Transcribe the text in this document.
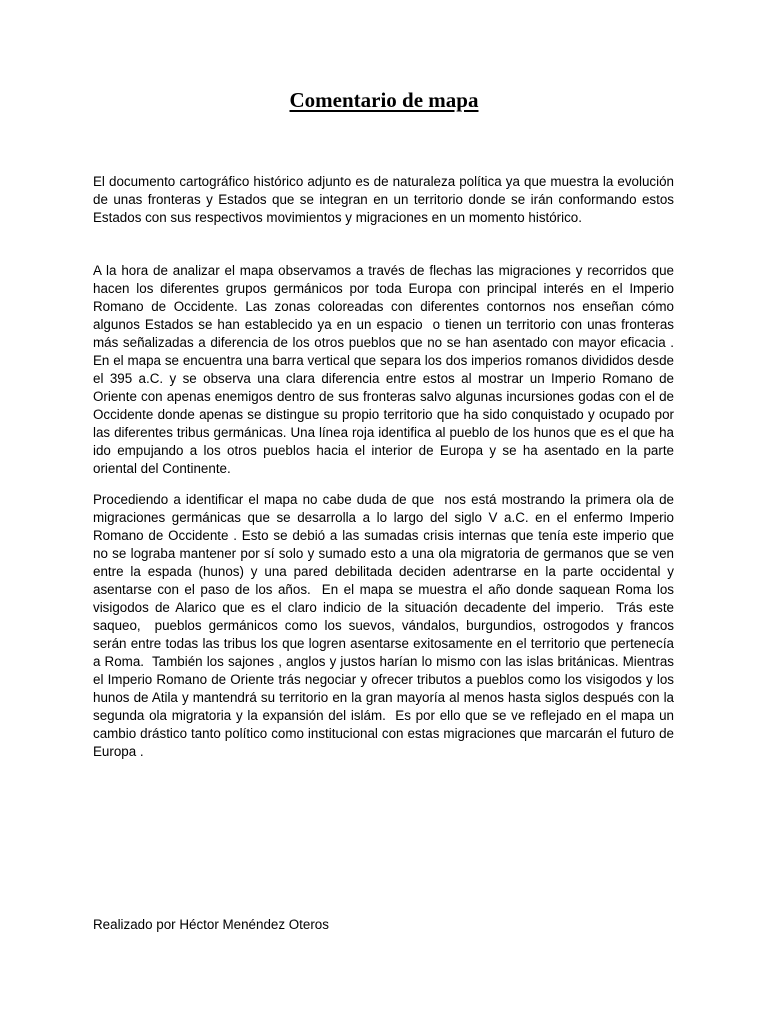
Comentario de mapa

El documento cartográfico histórico adjunto es de naturaleza política ya que muestra la evolución de unas fronteras y Estados que se integran en un territorio donde se irán conformando estos Estados con sus respectivos movimientos y migraciones en un momento histórico.

A la hora de analizar el mapa observamos a través de flechas las migraciones y recorridos que hacen los diferentes grupos germánicos por toda Europa con principal interés en el Imperio Romano de Occidente. Las zonas coloreadas con diferentes contornos nos enseñan cómo algunos Estados se han establecido ya en un espacio  o tienen un territorio con unas fronteras más señalizadas a diferencia de los otros pueblos que no se han asentado con mayor eficacia . En el mapa se encuentra una barra vertical que separa los dos imperios romanos divididos desde el 395 a.C. y se observa una clara diferencia entre estos al mostrar un Imperio Romano de Oriente con apenas enemigos dentro de sus fronteras salvo algunas incursiones godas con el de Occidente donde apenas se distingue su propio territorio que ha sido conquistado y ocupado por las diferentes tribus germánicas. Una línea roja identifica al pueblo de los hunos que es el que ha ido empujando a los otros pueblos hacia el interior de Europa y se ha asentado en la parte oriental del Continente.

Procediendo a identificar el mapa no cabe duda de que  nos está mostrando la primera ola de migraciones germánicas que se desarrolla a lo largo del siglo V a.C. en el enfermo Imperio Romano de Occidente . Esto se debió a las sumadas crisis internas que tenía este imperio que no se lograba mantener por sí solo y sumado esto a una ola migratoria de germanos que se ven entre la espada (hunos) y una pared debilitada deciden adentrarse en la parte occidental y asentarse con el paso de los años.  En el mapa se muestra el año donde saquean Roma los visigodos de Alarico que es el claro indicio de la situación decadente del imperio.  Trás este saqueo,  pueblos germánicos como los suevos, vándalos, burgundios, ostrogodos y francos serán entre todas las tribus los que logren asentarse exitosamente en el territorio que pertenecía a Roma.  También los sajones , anglos y justos harían lo mismo con las islas británicas. Mientras el Imperio Romano de Oriente trás negociar y ofrecer tributos a pueblos como los visigodos y los hunos de Atila y mantendrá su territorio en la gran mayoría al menos hasta siglos después con la segunda ola migratoria y la expansión del islám.  Es por ello que se ve reflejado en el mapa un cambio drástico tanto político como institucional con estas migraciones que marcarán el futuro de Europa .

Realizado por Héctor Menéndez Oteros
